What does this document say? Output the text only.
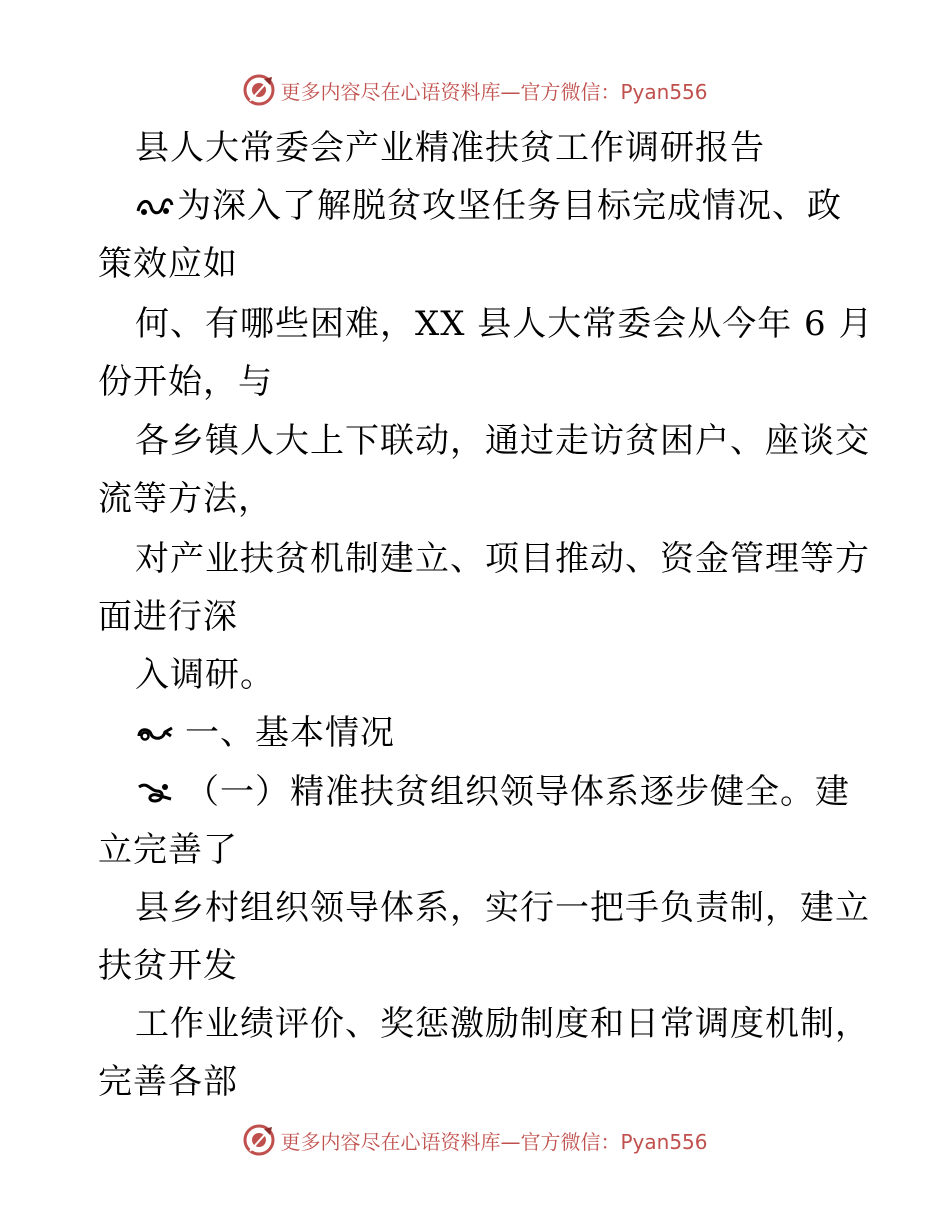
更多内容尽在心语资料库—官方微信：Pyan556
县人大常委会产业精准扶贫工作调研报告
为深入了解脱贫攻坚任务目标完成情况、政
策效应如
何、有哪些困难，XX 县人大常委会从今年 6 月
份开始，与
各乡镇人大上下联动，通过走访贫困户、座谈交
流等方法，
对产业扶贫机制建立、项目推动、资金管理等方
面进行深
入调研。
一、基本情况
（一）精准扶贫组织领导体系逐步健全。建
立完善了
县乡村组织领导体系，实行一把手负责制，建立
扶贫开发
工作业绩评价、奖惩激励制度和日常调度机制，
完善各部
更多内容尽在心语资料库—官方微信：Pyan556
